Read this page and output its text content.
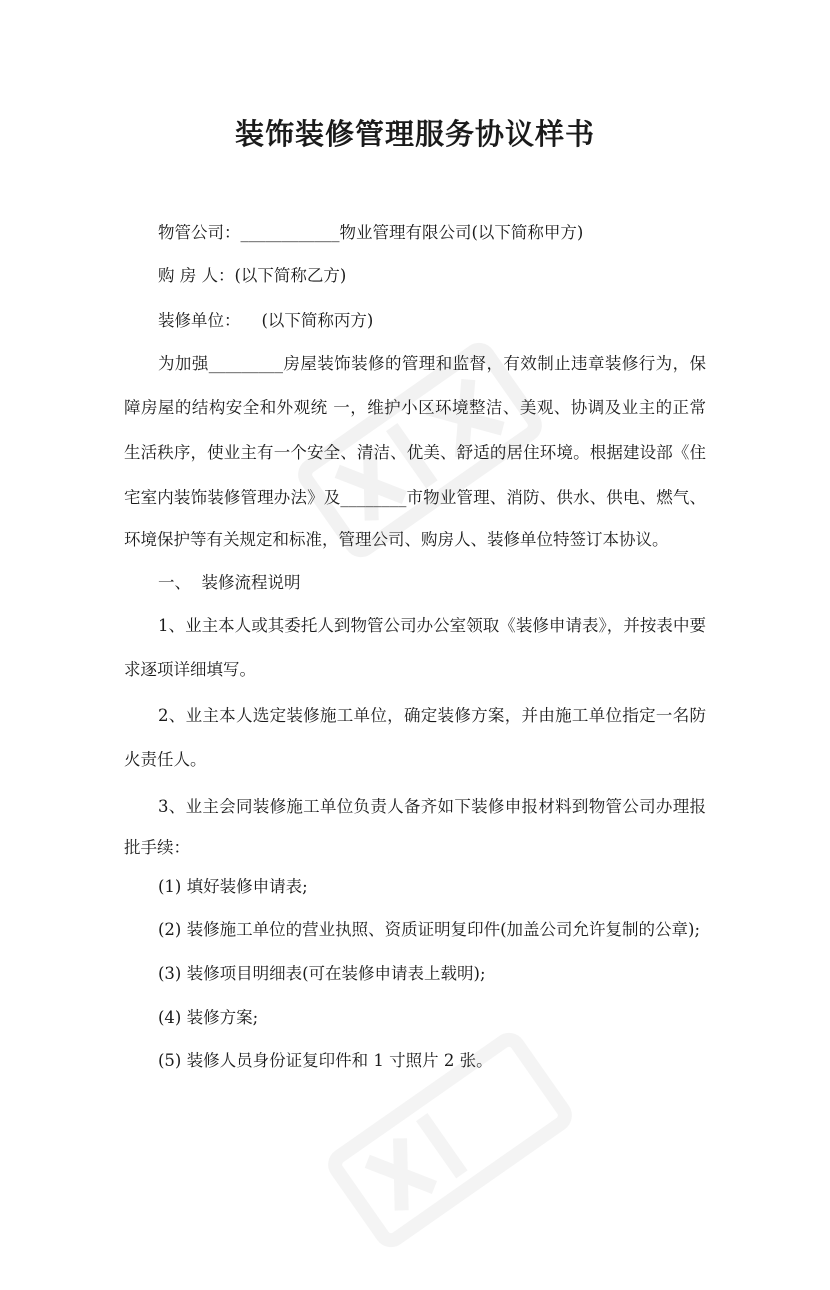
装饰装修管理服务协议样书
物管公司：____________物业管理有限公司(以下简称甲方)
购 房 人：(以下简称乙方)
装修单位：    (以下简称丙方)
为加强_________房屋装饰装修的管理和监督，有效制止违章装修行为，保
障房屋的结构安全和外观统 一，维护小区环境整洁、美观、协调及业主的正常
生活秩序，使业主有一个安全、清洁、优美、舒适的居住环境。根据建设部《住
宅室内装饰装修管理办法》及________市物业管理、消防、供水、供电、燃气、
环境保护等有关规定和标准，管理公司、购房人、装修单位特签订本协议。
一、  装修流程说明
1、业主本人或其委托人到物管公司办公室领取《装修申请表》，并按表中要
求逐项详细填写。
2、业主本人选定装修施工单位，确定装修方案，并由施工单位指定一名防
火责任人。
3、业主会同装修施工单位负责人备齐如下装修申报材料到物管公司办理报
批手续：
(1) 填好装修申请表;
(2) 装修施工单位的营业执照、资质证明复印件(加盖公司允许复制的公章);
(3) 装修项目明细表(可在装修申请表上载明);
(4) 装修方案;
(5) 装修人员身份证复印件和 1 寸照片 2 张。
